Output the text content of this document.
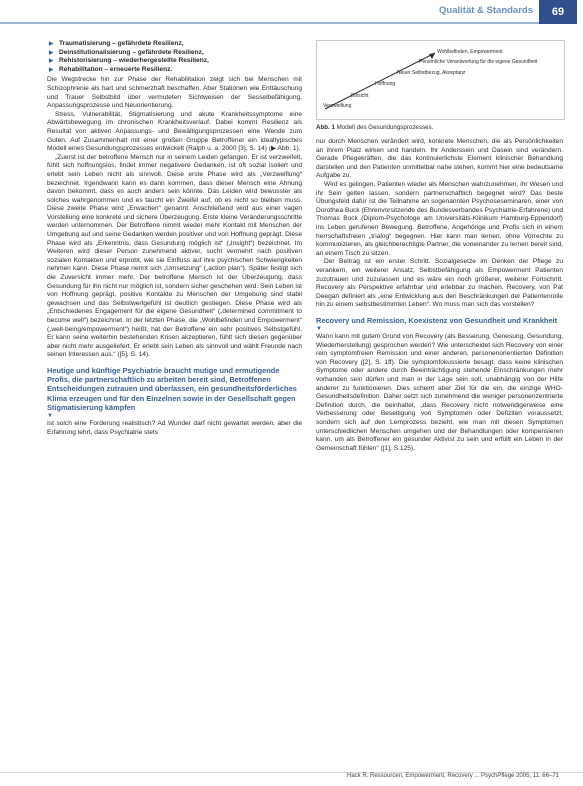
Qualität & Standards	69
▶ Traumatisierung – gefährdete Resilienz,
▶ Deinstitutionalisierung – gefährdete Resilienz,
▶ Rehistorisierung – wiederhergestellte Resilienz,
▶ Rehabilitation – erneuerte Resilienz.

Die Wegstrecke hin zur Phase der Rehabilitation zeigt sich bei Menschen mit Schizophrenie als hart und schmerzhaft beschaffen. Aber Stationen wie Enttäuschung und Trauer Selbstbild über vermuteten Sichtweisen der Sesselbefähigung, Anpassungsprozesse und Neuorientierung.

Stress, Vulnerabilität, Stigmatisierung und akute Krankheitssymptome eine Abwärtsbewegung im chronischen Krankheitsverlauf. Dabei kommt Resilienz als Resultat von aktiven Anpassungs- und Bewältigungsprozessen eine Wende zum Guten. Auf Zusammenhalt mit einer großen Gruppe Betroffener ein idealtypisches Modell eines Gesundungsprozesses entwickelt (Ralph u. a. 2000 [3], S. 14) (▶ Abb. 1).

„Zuerst ist der betroffene Mensch nur in seinem Leiden gefangen. Er ist verzweifelt, fühlt sich hoffnungslos, findet immer negativere Gedanken, ist oft sozial isoliert und erlebt sein Leben nicht als sinnvoll. Diese erste Phase wird als „Verzweiflung“ bezeichnet. Irgendwann kann es dann kommen, dass dieser Mensch eine Ahnung davon bekommt, dass es auch anders sein könnte. Das Leiden wird bewusster als solches wahrgenommen und es taucht ein Zweifel auf, ob es nicht so bleiben muss. Diese zweite Phase wird „Erwachen“ genannt. Anschließend wird aus einer vagen Vorstellung eine konkrete und sichere Überzeugung. Erste kleine Veränderungsschritte werden unternommen. Der Betroffene nimmt wieder mehr Kontakt mit Menschen der Umgebung auf und seine Gedanken werden positiver und von Hoffnung geprägt. Diese Phase wird als „Erkenntnis, dass Gesundung möglich ist“ („Insight“) bezeichnet. Im Weiteren wird dieser Person zunehmend aktiver, sucht vermehrt nach positiven sozialen Kontakten und erprobt, wie sie Einfluss auf ihre psychischen Schwierigkeiten nehmen kann. Diese Phase nennt sich „Umsetzung“ („action plan“). Später festigt sich die Zuversicht immer mehr. Der betroffene Mensch ist der Überzeugung, dass Gesundung für ihn nicht nur möglich ist, sondern sicher geschehen wird. Sein Leben ist von Hoffnung geprägt, positive Kontakte zu Menschen der Umgebung sind stabil gewachsen und das Selbstwertgefühl ist deutlich gestiegen. Diese Phase wird als „Entschiedenes Engagement für die eigene Gesundheit“ („determined commitment to become well“) bezeichnet. In der letzten Phase, die „Wohlbefinden und Empowerment“ („well-being/empowerment“) heißt, hat der Betroffene ein sehr positives Selbstgefühl. Er kann seine weiterhin bestehenden Krisen akzeptieren, fühlt sich diesen gegenüber aber nicht mehr ausgeliefert. Er erlebt sein Leben als sinnvoll und wählt Freunde nach seinen Interessen aus.“ ([5], S. 14).

Heutige und künftige Psychiatrie braucht mutige und ermutigende Profis, die partnerschaftlich zu arbeiten bereit sind, Betroffenen Entscheidungen zutrauen und überlassen, ein gesundheitsförderliches Klima erzeugen und für den Einzelnen sowie in der Gesellschaft gegen Stigmatisierung kämpfen

▼

Ist solch eine Forderung realistisch? Ad Wunder darf nicht gewartet werden, aber die Erfahrung lehrt, dass Psychiatrie stets

Wohlbefinden, Empowerment
Persönliche Verantwortung für die eigene Gesundheit
Neuer Selbstbezug, Akzeptanz
Hoffnung
Einsicht
Verzweiflung
Abb. 1 Modell des Gesundungsprozesses.

nur durch Menschen verändert wird, konkrete Menschen, die als Persönlichkeiten an ihrem Platz wirken und handeln. Ihr Anderssein und Dasein sind verändern. Gerade Pflegekräften, die das kontinuierlichste Element klinischer Behandlung darstellen und den Patienten unmittelbar nahe stehen, kommt hier eine bedeutsame Aufgabe zu.

Wird es gelingen, Patienten wieder als Menschen wahrzunehmen, ihr Wesen und ihr Sein gelten lassen, sondern partnerschaftlich begegnet wird? Das beste Übungsfeld dafür ist die Teilnahme an sogenannten Psychoseseminaren, einer von Dorothea Buck (Ehrenvorsitzende des Bundesverbandes Psychiatrie-Erfahrene) und Thomas Bock (Diplom-Psychologe am Universitäts-Klinikum Hamburg-Eppendorf) ins Leben gerufenen Bewegung. Betroffene, Angehörige und Profis sich in einem herrschaftsfreien „trialog“ begegnen. Hier kann man lernen, ohne Vorrechte zu kommunizieren, als gleichberechtigte Partner, die voneinander zu lernen bereit sind, an einem Tisch zu sitzen.

Der Beitrag ist ein erster Schritt. Sozialgesetze im Denken der Pflege zu verankern, ein weiterer Ansatz, Selbstbefähigung als Empowerment Patienten zuzutrauen und zuzulassen und es wäre ein noch größerer, weiterer Fortschritt. Recovery als Perspektive erfahrbar und erlebbar zu machen. Recovery, von Pat Deegan definiert als „eine Entwicklung aus den Beschränkungen der Patientenrolle hin zu einem selbstbestimmten Leben“. Wo muss man sich das vorstellen?

Recovery und Remission, Koexistenz von Gesundheit und Krankheit

▼

Wann kann mit gutem Grund von Recovery (als Besserung, Genesung, Gesundung, Wiederherstellung) gesprochen werden? Wie unterscheidet sich Recovery von einer rein symptomfreien Remission und einer anderen, personenorientierten Definition von Recovery ([2], S. 1ff). Die symptomfokussierte besagt, dass keine klinischen Symptome oder andere durch Beeinträchtigung stehende Einschränkungen mehr vorhanden sein dürfen und man in der Lage sein soll, unabhängig von der Hilfe anderer zu funktionieren. Dies scheint aber Ziel für die ein, die einzige WHO-Gesundheitsdefinition. Daher setzt sich zunehmend die weniger personenzentrierte Definition durch, die beinhaltet, „dass Recovery nicht notwendigerweise eine Verbesserung oder Beseitigung von Symptomen oder Defiziten voraussetzt, sondern sich auf den Lernprozess bezieht, wie man mit diesen Symptomen unterschiedlichen Menschen umgehen und der Behandlungen oder kompensieren kann, um als Betroffener ein gesunder Aktivist zu sein und erfüllt ein Leben in der Gemeinschaft fühlen“ ([1], S.125).

Hack R. Ressourcen, Empowerment, Recovery ... PsychPflege 2005; 11: 66–71
